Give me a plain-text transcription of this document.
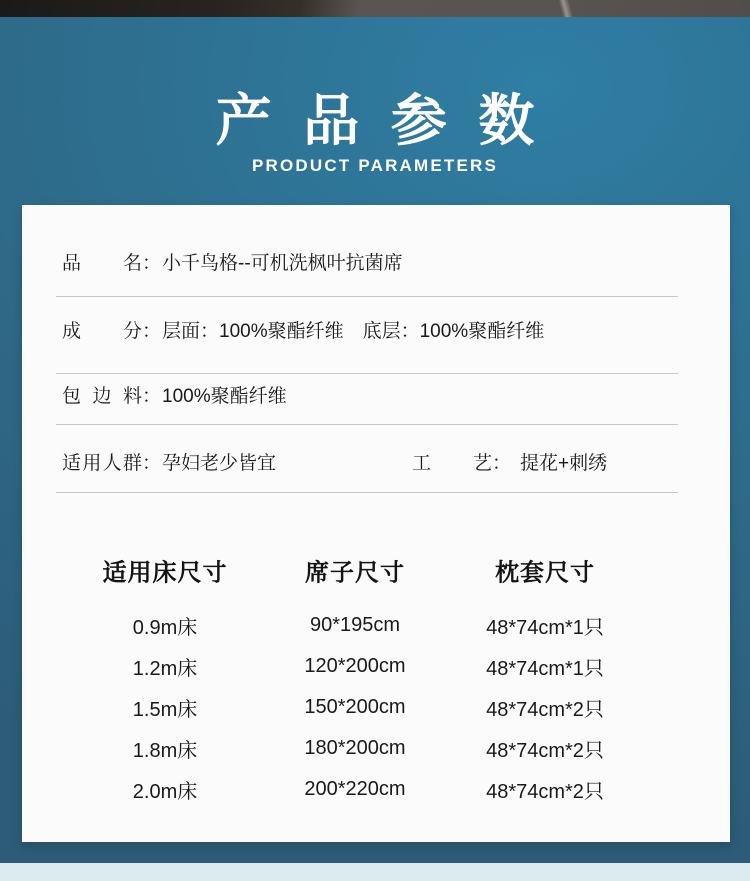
产 品 参 数
PRODUCT PARAMETERS
品名：小千鸟格--可机洗枫叶抗菌席
成分：层面：100%聚酯纤维　底层：100%聚酯纤维
包边料：100%聚酯纤维
适用人群：孕妇老少皆宜	工艺： 提花+刺绣
适用床尺寸	席子尺寸	枕套尺寸
0.9m床	90*195cm	48*74cm*1只
1.2m床	120*200cm	48*74cm*1只
1.5m床	150*200cm	48*74cm*2只
1.8m床	180*200cm	48*74cm*2只
2.0m床	200*220cm	48*74cm*2只
